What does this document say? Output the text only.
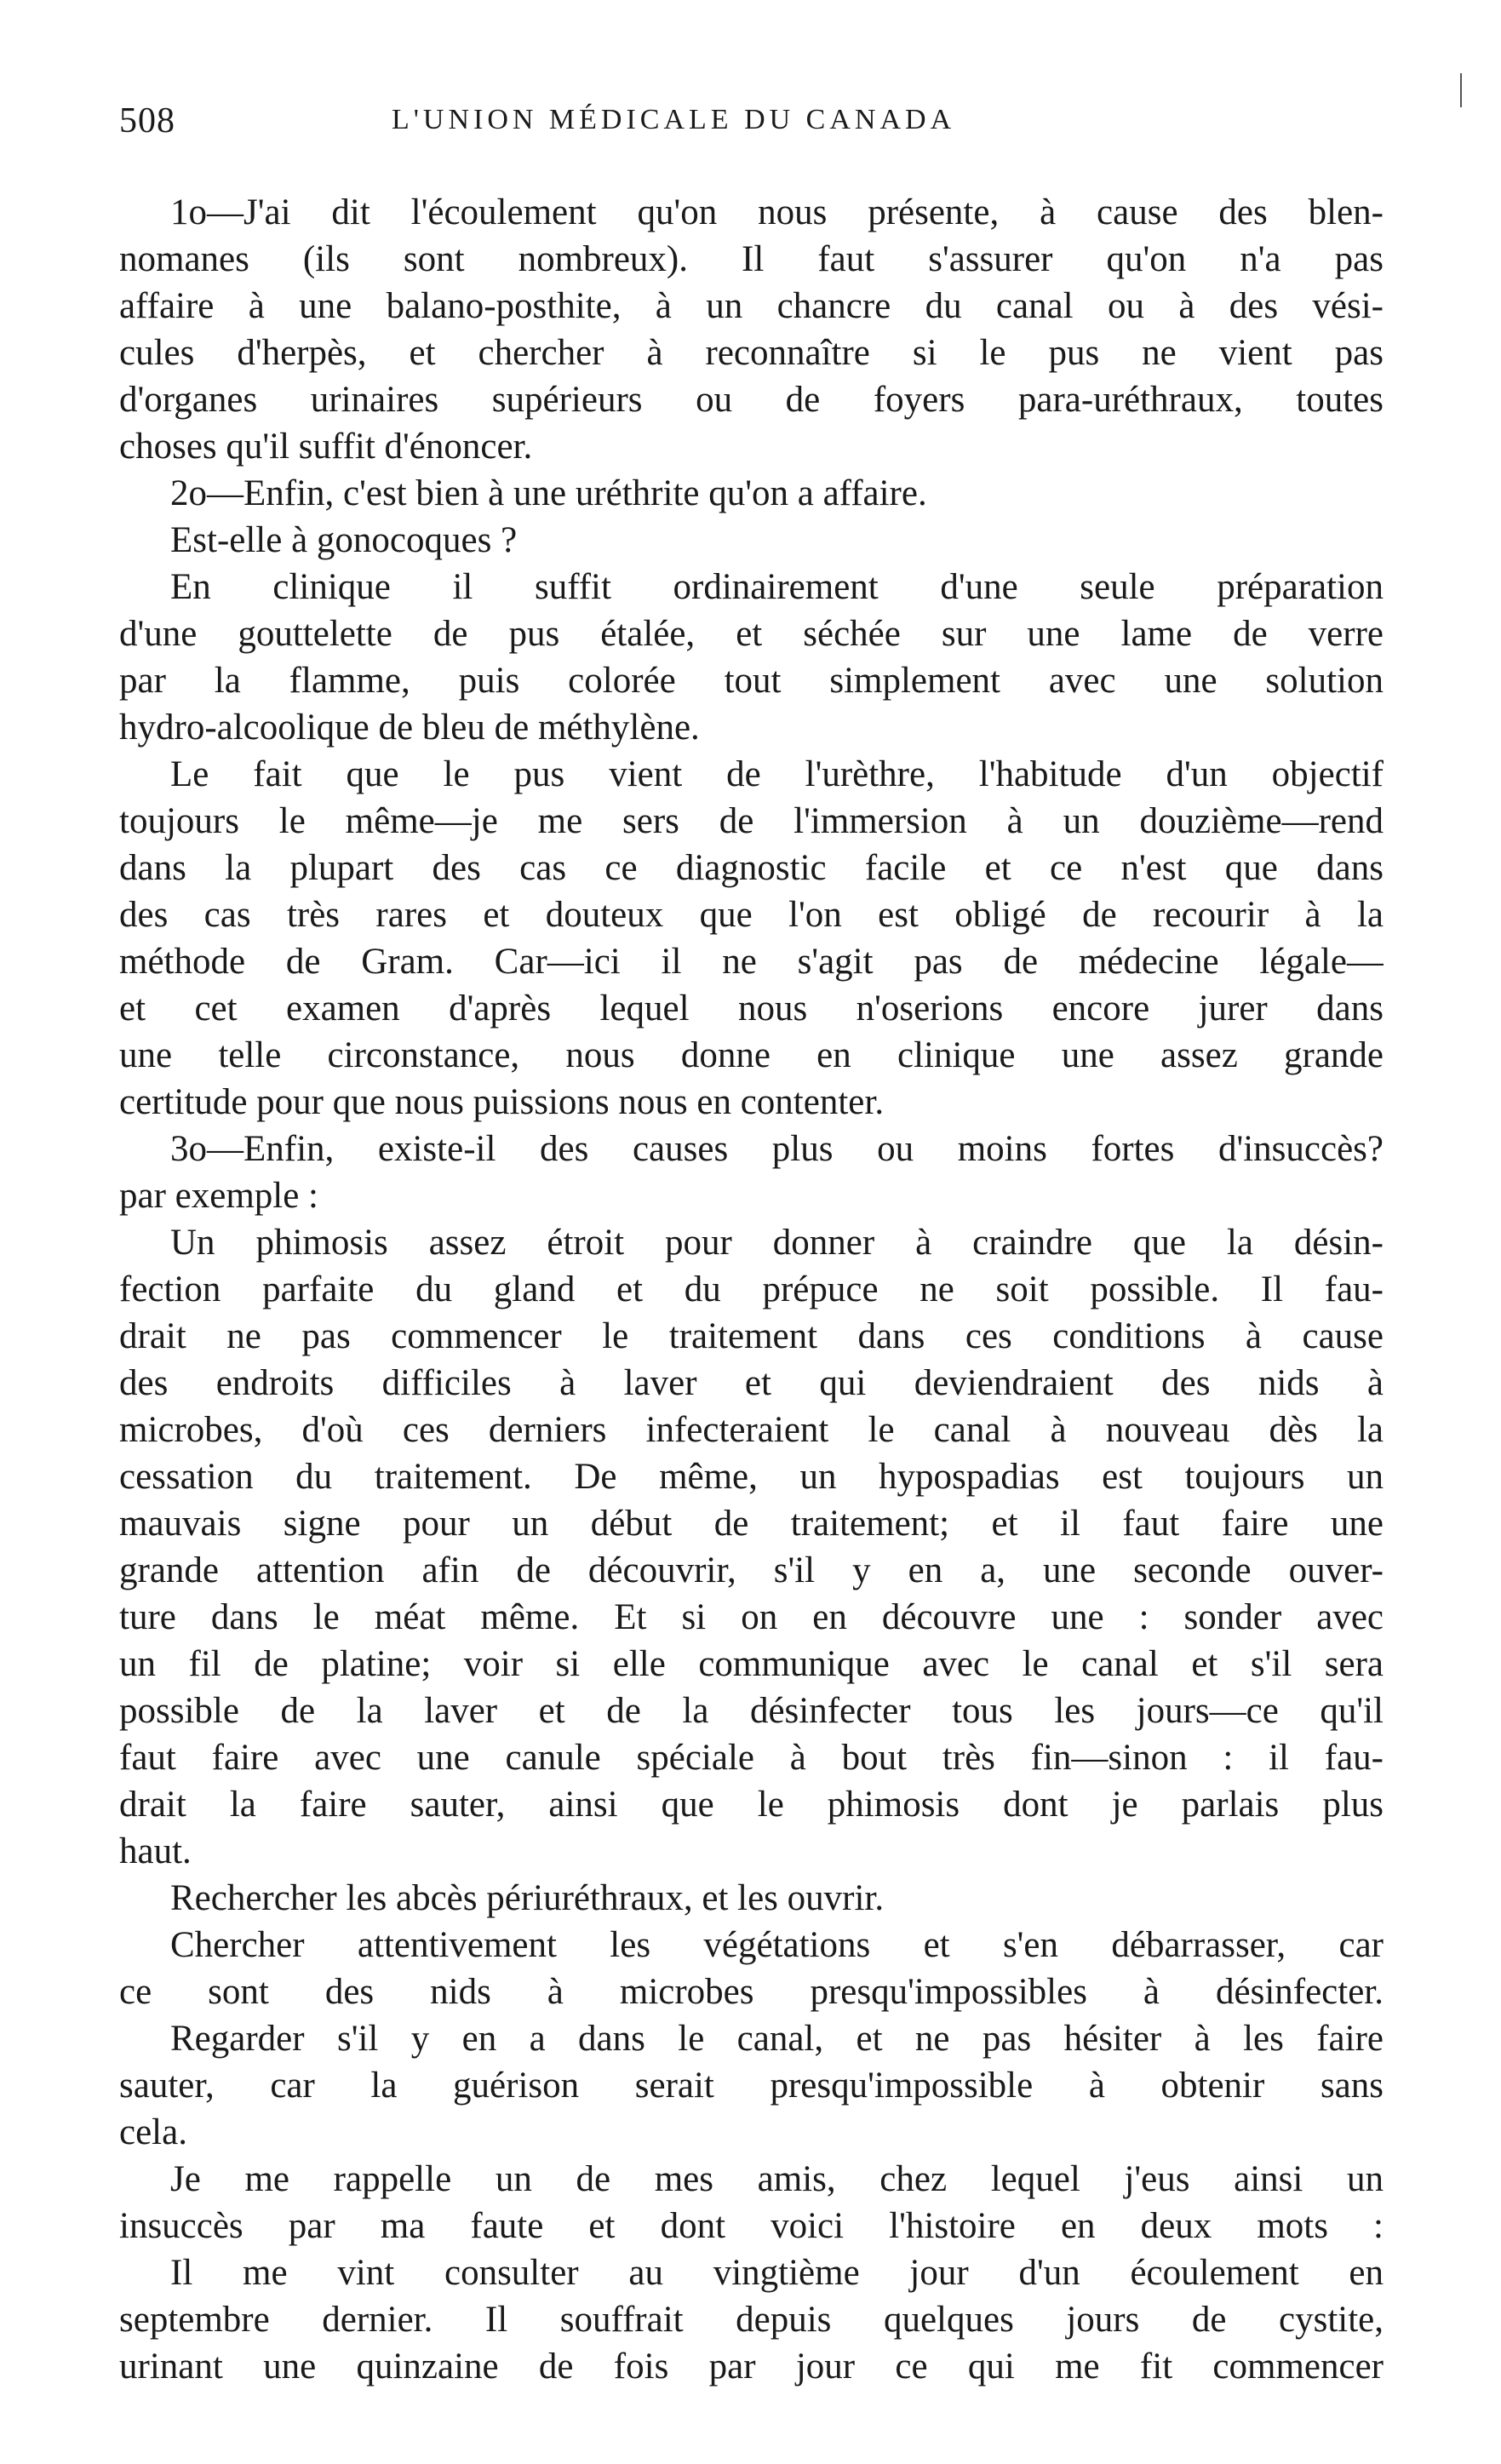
508	L'UNION MÉDICALE DU CANADA
1o—J'ai dit l'écoulement qu'on nous présente, à cause des blen-
nomanes (ils sont nombreux). Il faut s'assurer qu'on n'a pas
affaire à une balano-posthite, à un chancre du canal ou à des vési-
cules d'herpès, et chercher à reconnaître si le pus ne vient pas
d'organes urinaires supérieurs ou de foyers para-uréthraux, toutes
choses qu'il suffit d'énoncer.
2o—Enfin, c'est bien à une uréthrite qu'on a affaire.
Est-elle à gonocoques ?
En clinique il suffit ordinairement d'une seule préparation
d'une gouttelette de pus étalée, et séchée sur une lame de verre
par la flamme, puis colorée tout simplement avec une solution
hydro-alcoolique de bleu de méthylène.
Le fait que le pus vient de l'urèthre, l'habitude d'un objectif
toujours le même—je me sers de l'immersion à un douzième—rend
dans la plupart des cas ce diagnostic facile et ce n'est que dans
des cas très rares et douteux que l'on est obligé de recourir à la
méthode de Gram. Car—ici il ne s'agit pas de médecine légale—
et cet examen d'après lequel nous n'oserions encore jurer dans
une telle circonstance, nous donne en clinique une assez grande
certitude pour que nous puissions nous en contenter.
3o—Enfin, existe-il des causes plus ou moins fortes d'insuccès?
par exemple :
Un phimosis assez étroit pour donner à craindre que la désin-
fection parfaite du gland et du prépuce ne soit possible. Il fau-
drait ne pas commencer le traitement dans ces conditions à cause
des endroits difficiles à laver et qui deviendraient des nids à
microbes, d'où ces derniers infecteraient le canal à nouveau dès la
cessation du traitement. De même, un hypospadias est toujours un
mauvais signe pour un début de traitement; et il faut faire une
grande attention afin de découvrir, s'il y en a, une seconde ouver-
ture dans le méat même. Et si on en découvre une : sonder avec
un fil de platine; voir si elle communique avec le canal et s'il sera
possible de la laver et de la désinfecter tous les jours—ce qu'il
faut faire avec une canule spéciale à bout très fin—sinon : il fau-
drait la faire sauter, ainsi que le phimosis dont je parlais plus
haut.
Rechercher les abcès périuréthraux, et les ouvrir.
Chercher attentivement les végétations et s'en débarrasser, car
ce sont des nids à microbes presqu'impossibles à désinfecter.
Regarder s'il y en a dans le canal, et ne pas hésiter à les faire
sauter, car la guérison serait presqu'impossible à obtenir sans
cela.
Je me rappelle un de mes amis, chez lequel j'eus ainsi un
insuccès par ma faute et dont voici l'histoire en deux mots :
Il me vint consulter au vingtième jour d'un écoulement en
septembre dernier. Il souffrait depuis quelques jours de cystite,
urinant une quinzaine de fois par jour ce qui me fit commencer
